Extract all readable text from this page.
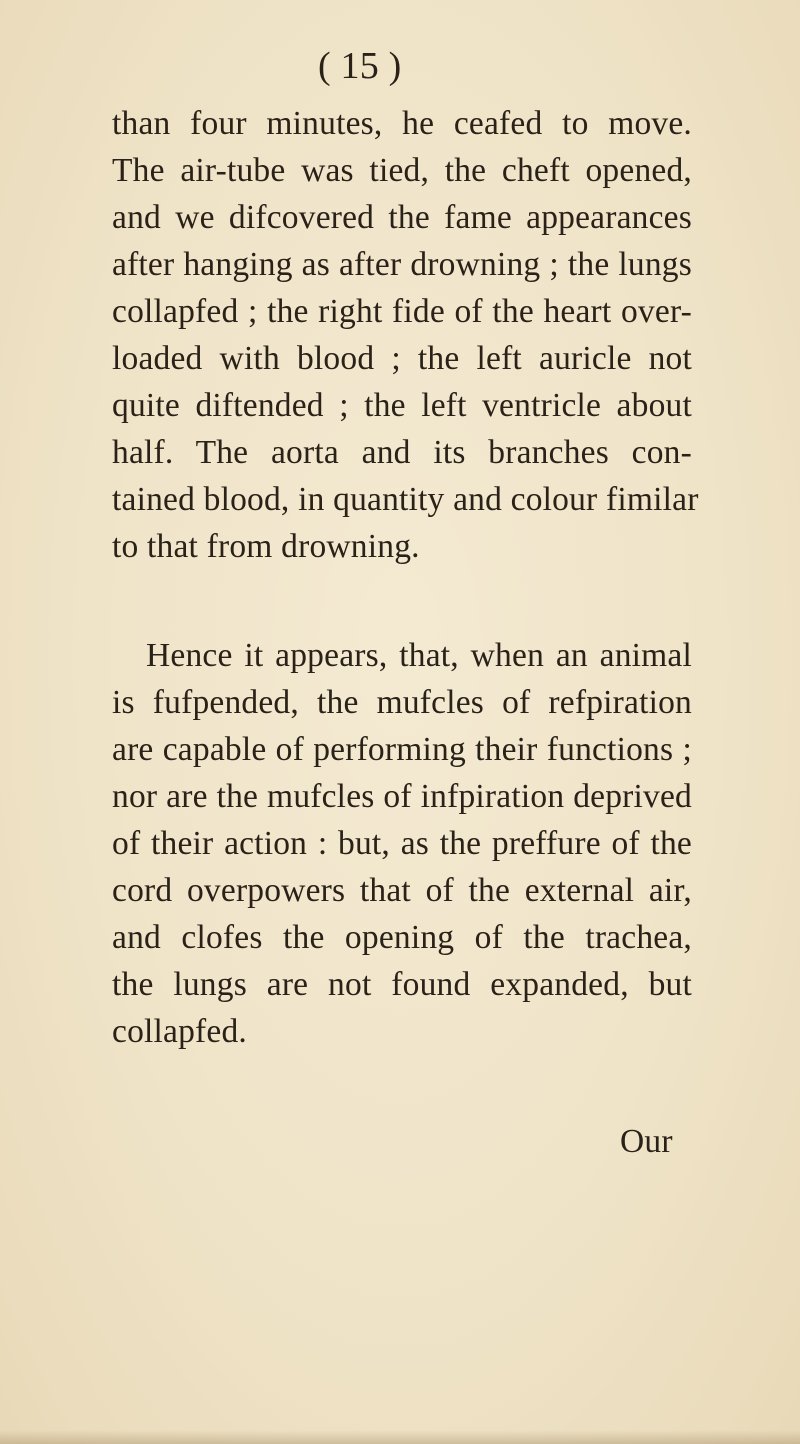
( 15 )
than four minutes, he ceafed to move.
The air-tube was tied, the cheft opened,
and we difcovered the fame appearances
after hanging as after drowning ; the lungs
collapfed ; the right fide of the heart over-
loaded with blood ; the left auricle not
quite diftended ; the left ventricle about
half. The aorta and its branches con-
tained blood, in quantity and colour fimilar
to that from drowning.
Hence it appears, that, when an animal
is fufpended, the mufcles of refpiration
are capable of performing their functions ;
nor are the mufcles of infpiration deprived
of their action : but, as the preffure of the
cord overpowers that of the external air,
and clofes the opening of the trachea,
the lungs are not found expanded, but
collapfed.
Our
